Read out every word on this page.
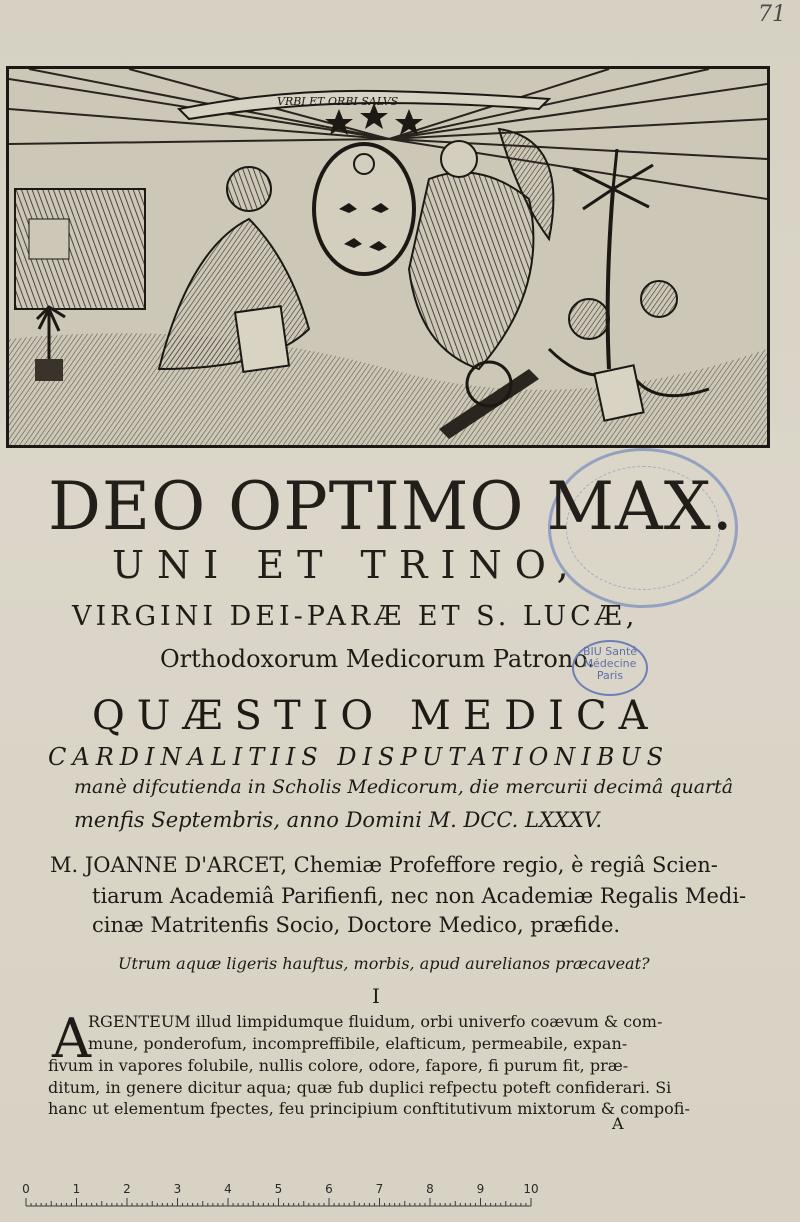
71
VRBI ET ORBI SALVS
DEO OPTIMO MAX.
UNI ET TRINO,
VIRGINI DEI-PARÆ ET S. LUCÆ,
Orthodoxorum Medicorum Patrono.
BIU Santé Médecine Paris
QUÆSTIO MEDICA
CARDINALITIIS DISPUTATIONIBUS
manè difcutienda in Scholis Medicorum, die mercurii decimâ quartâ
menfis Septembris, anno Domini M. DCC. LXXXV.
M. JOANNE D'ARCET, Chemiæ Profeffore regio, è regiâ Scien-
tiarum Academiâ Parifienfi, nec non Academiæ Regalis Medi-
cinæ Matritenfis Socio, Doctore Medico, præfide.
Utrum aquæ ligeris hauftus, morbis, apud aurelianos præcaveat?
I
A
RGENTEUM illud limpidumque fluidum, orbi univerfo coævum & com-
mune, ponderofum, incompreffibile, elafticum, permeabile, expan-
fivum in vapores folubile, nullis colore, odore, fapore, fi purum fit, præ-
ditum, in genere dicitur aqua; quæ fub duplici refpectu poteft confiderari. Si
hanc ut elementum fpectes, feu principium conftitutivum mixtorum & compofi-
A
0	1	2	3	4	5	6	7	8	9	10
